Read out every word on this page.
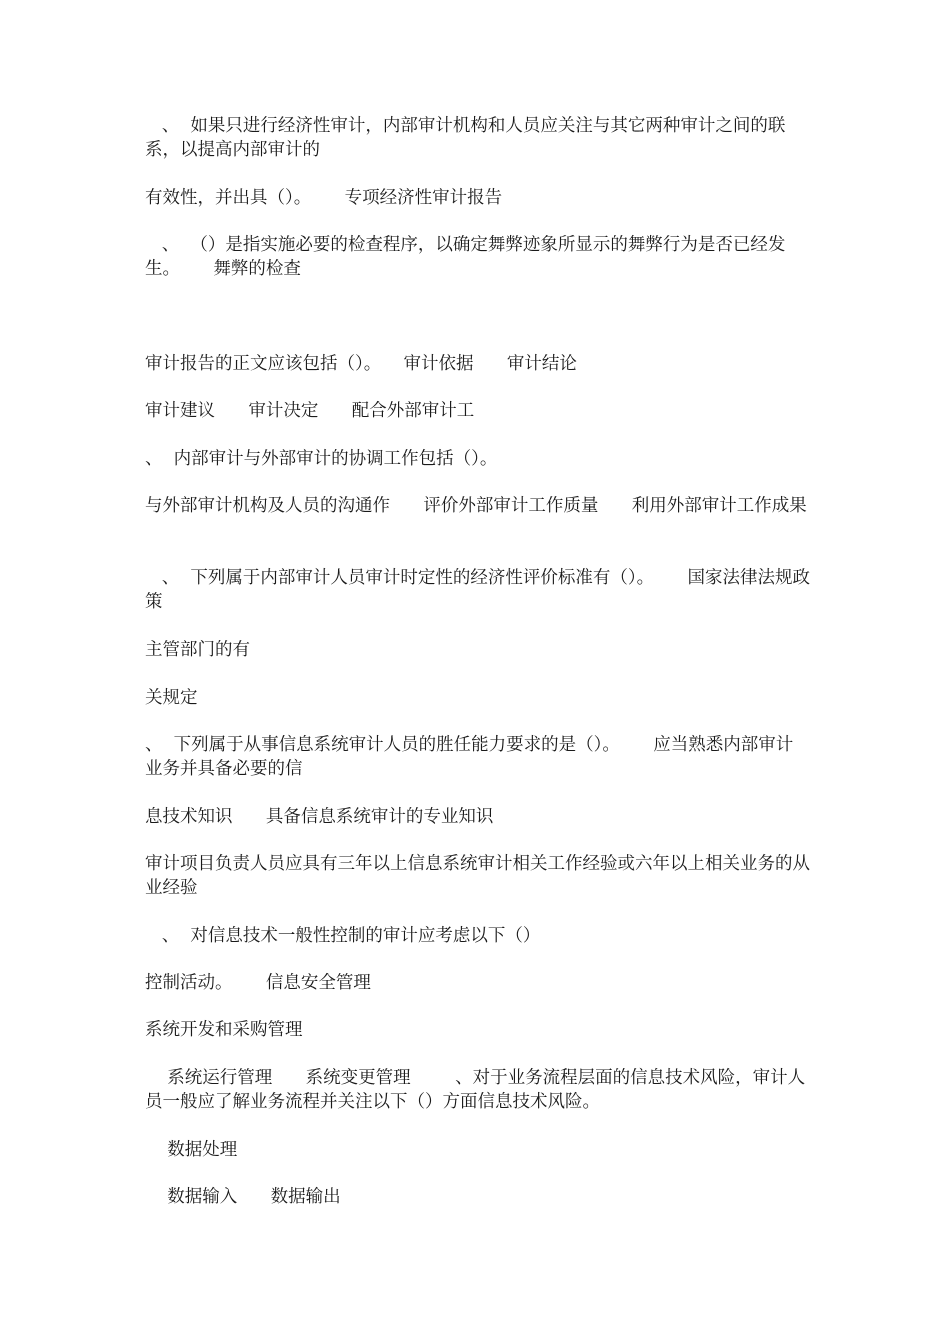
、  如果只进行经济性审计，内部审计机构和人员应关注与其它两种审计之间的联系，以提高内部审计的

有效性，并出具（）。      专项经济性审计报告

、  （）是指实施必要的检查程序，以确定舞弊迹象所显示的舞弊行为是否已经发生。      舞弊的检查

审计报告的正文应该包括（）。    审计依据      审计结论

审计建议      审计决定      配合外部审计工

、  内部审计与外部审计的协调工作包括（）。

与外部审计机构及人员的沟通作      评价外部审计工作质量      利用外部审计工作成果

、  下列属于内部审计人员审计时定性的经济性评价标准有（）。      国家法律法规政策

主管部门的有

关规定

、  下列属于从事信息系统审计人员的胜任能力要求的是（）。      应当熟悉内部审计业务并具备必要的信

息技术知识      具备信息系统审计的专业知识

审计项目负责人员应具有三年以上信息系统审计相关工作经验或六年以上相关业务的从业经验

、  对信息技术一般性控制的审计应考虑以下（）

控制活动。      信息安全管理

系统开发和采购管理

系统运行管理      系统变更管理        、对于业务流程层面的信息技术风险，审计人员一般应了解业务流程并关注以下（）方面信息技术风险。

数据处理

数据输入      数据输出
